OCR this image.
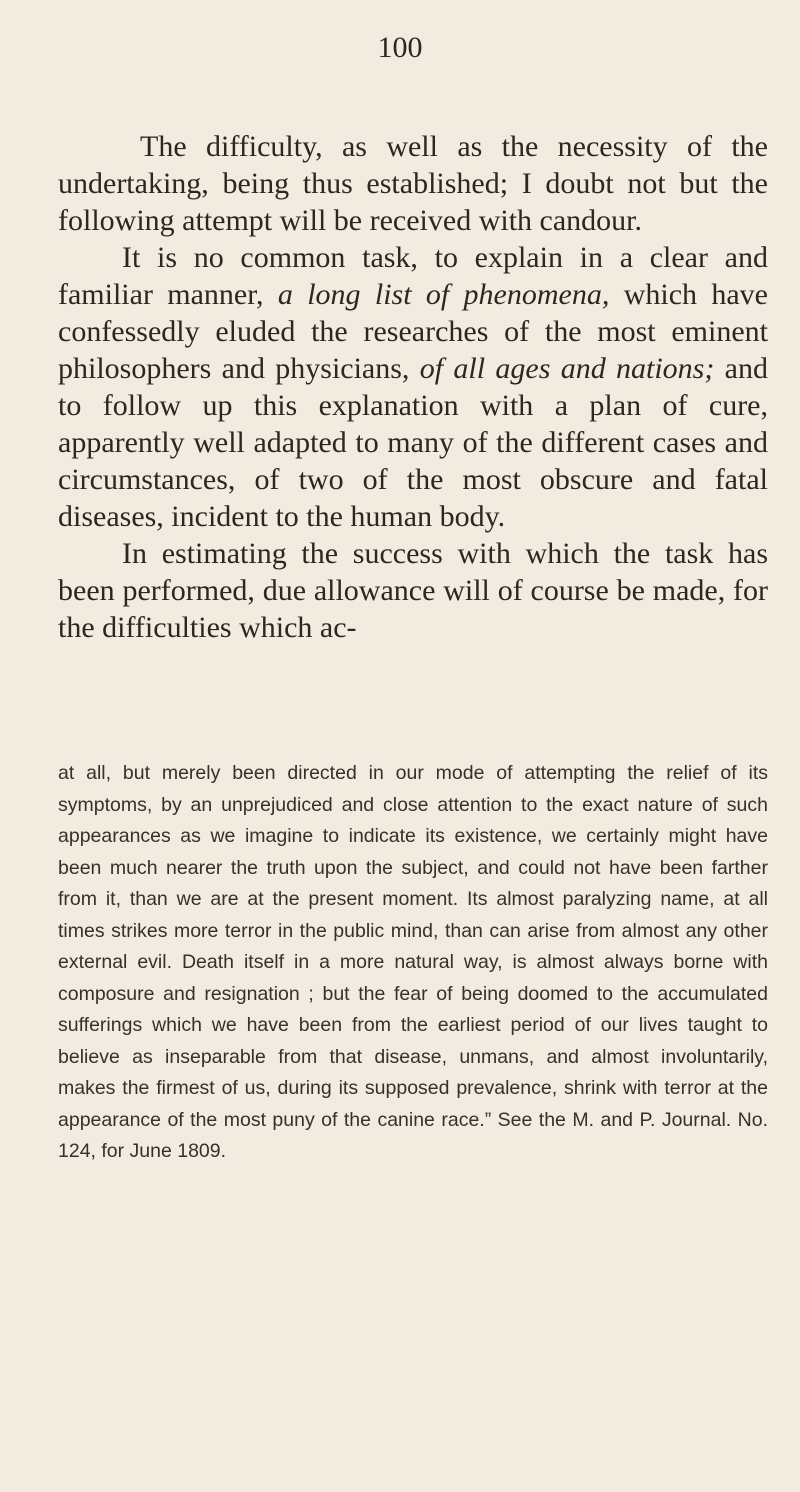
100

The difficulty, as well as the necessity of the undertaking, being thus established; I doubt not but the following attempt will be received with candour.

It is no common task, to explain in a clear and familiar manner, a long list of phenomena, which have confessedly eluded the researches of the most eminent philosophers and physicians, of all ages and nations; and to follow up this explanation with a plan of cure, apparently well adapted to many of the different cases and circumstances, of two of the most obscure and fatal diseases, incident to the human body.

In estimating the success with which the task has been performed, due allowance will of course be made, for the difficulties which ac-

at all, but merely been directed in our mode of attempting the relief of its symptoms, by an unprejudiced and close attention to the exact nature of such appearances as we imagine to indicate its existence, we certainly might have been much nearer the truth upon the subject, and could not have been farther from it, than we are at the present moment. Its almost paralyzing name, at all times strikes more terror in the public mind, than can arise from almost any other external evil. Death itself in a more natural way, is almost always borne with composure and resignation ; but the fear of being doomed to the accumulated sufferings which we have been from the earliest period of our lives taught to believe as inseparable from that disease, unmans, and almost involuntarily, makes the firmest of us, during its supposed prevalence, shrink with terror at the appearance of the most puny of the canine race.” See the M. and P. Journal. No. 124, for June 1809.
